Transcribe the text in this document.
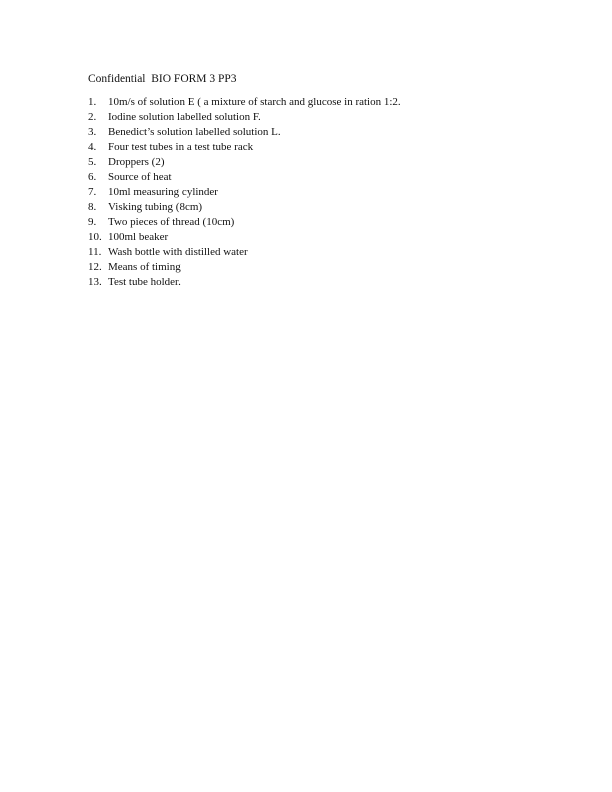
Confidential  BIO FORM 3 PP3
1.	10m/s of solution E ( a mixture of starch and glucose in ration 1:2.
2.	Iodine solution labelled solution F.
3.	Benedict’s solution labelled solution L.
4.	Four test tubes in a test tube rack
5.	Droppers (2)
6.	Source of heat
7.	10ml measuring cylinder
8.	Visking tubing (8cm)
9.	Two pieces of thread (10cm)
10. 100ml beaker
11. Wash bottle with distilled water
12. Means of timing
13. Test tube holder.
